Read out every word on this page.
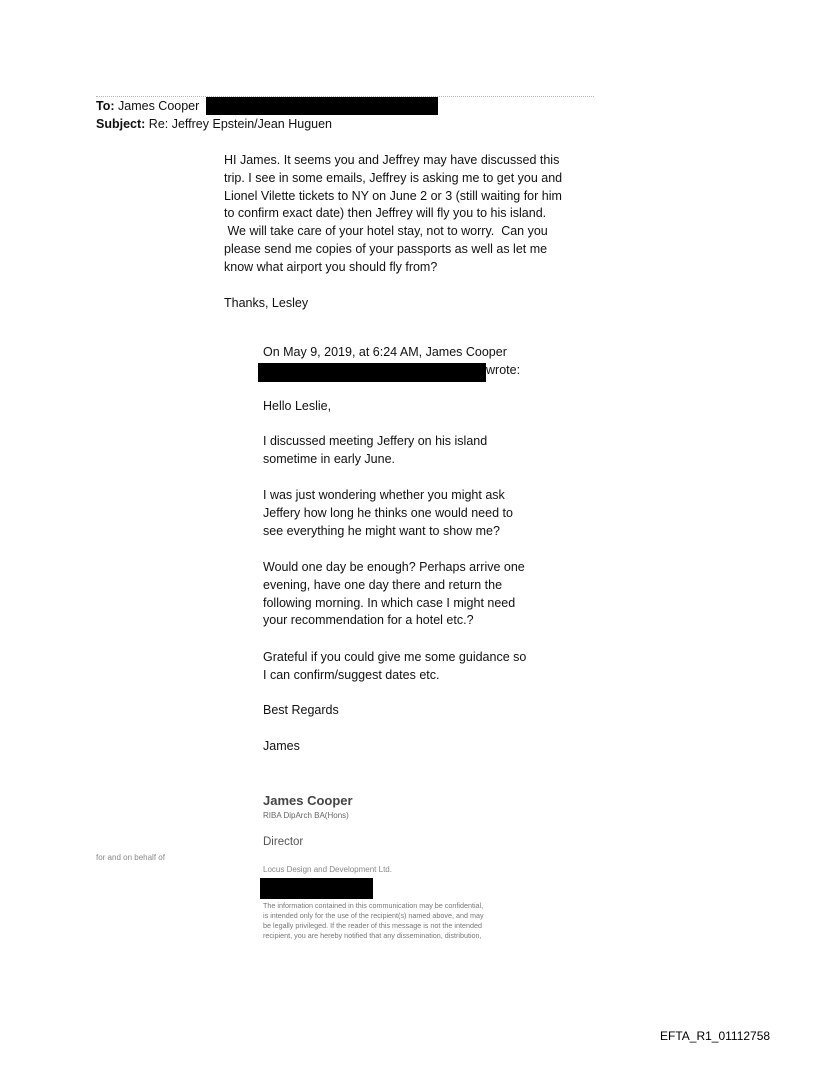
To: James Cooper
Subject: Re: Jeffrey Epstein/Jean Huguen

HI James. It seems you and Jeffrey may have discussed this

trip. I see in some emails, Jeffrey is asking me to get you and

Lionel Vilette tickets to NY on June 2 or 3 (still waiting for him

to confirm exact date) then Jeffrey will fly you to his island.

We will take care of your hotel stay, not to worry.  Can you

please send me copies of your passports as well as let me

know what airport you should fly from?

Thanks, Lesley
On May 9, 2019, at 6:24 AM, James Cooper
wrote:
Hello Leslie,

I discussed meeting Jeffery on his island

sometime in early June.

I was just wondering whether you might ask

Jeffery how long he thinks one would need to

see everything he might want to show me?

Would one day be enough? Perhaps arrive one

evening, have one day there and return the

following morning. In which case I might need

your recommendation for a hotel etc.?

Grateful if you could give me some guidance so

I can confirm/suggest dates etc.

Best Regards
James
James Cooper
RIBA DipArch BA(Hons)
Director
for and on behalf of
Locus Design and Development Ltd.
The information contained in this communication may be confidential,
is intended only for the use of the recipient(s) named above, and may
be legally privileged. If the reader of this message is not the intended
recipient, you are hereby notified that any dissemination, distribution,
EFTA_R1_01112758
